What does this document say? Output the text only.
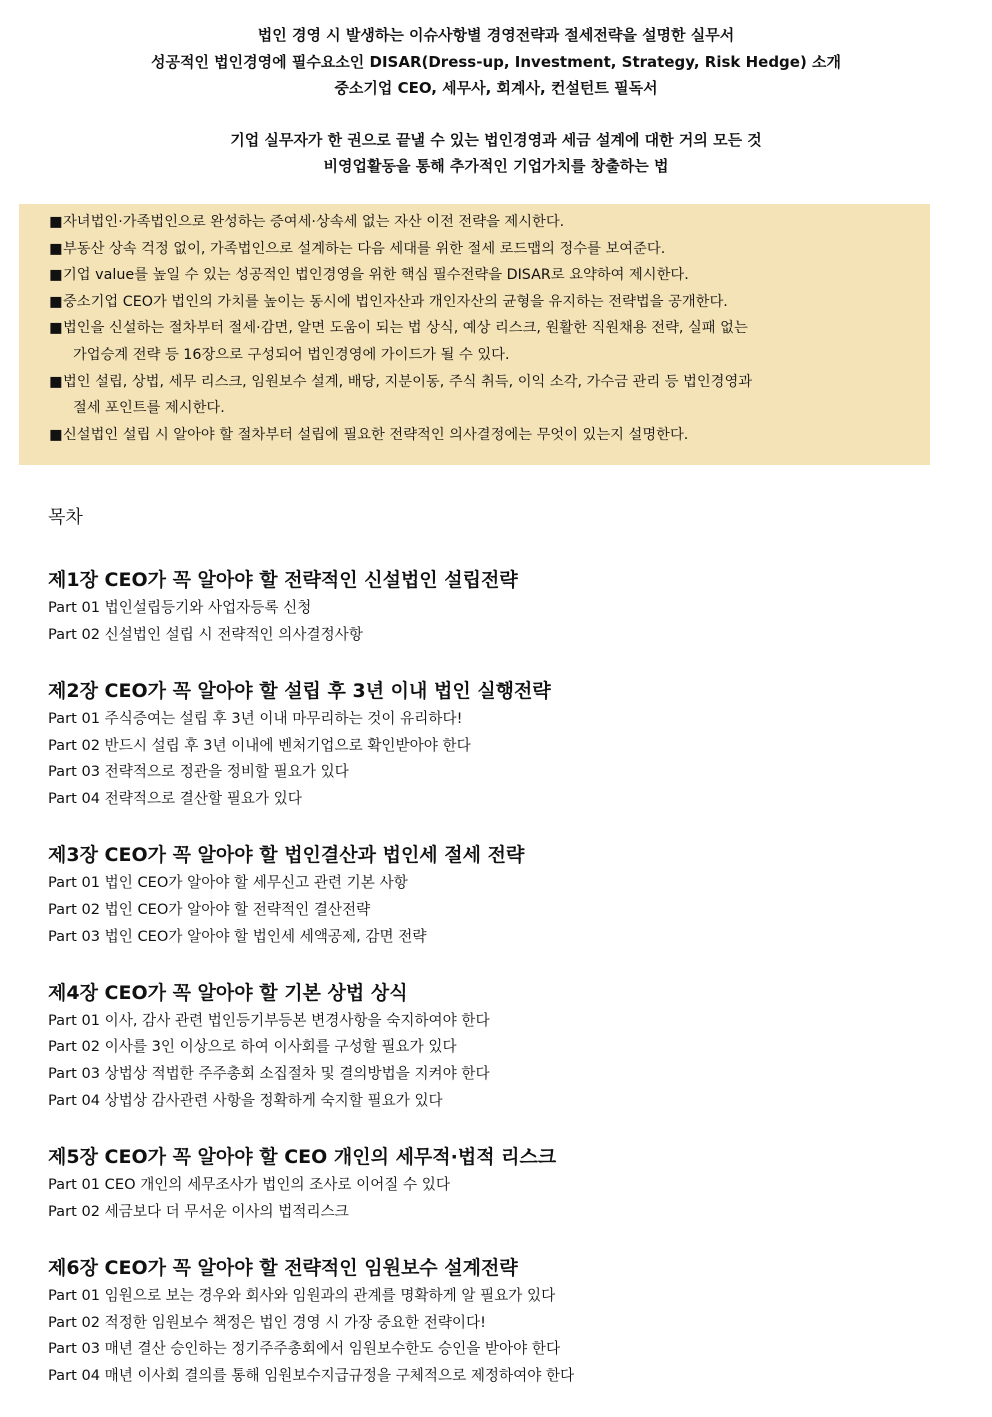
법인 경영 시 발생하는 이슈사항별 경영전략과 절세전략을 설명한 실무서
성공적인 법인경영에 필수요소인 DISAR(Dress-up, Investment, Strategy, Risk Hedge) 소개
중소기업 CEO, 세무사, 회계사, 컨설턴트 필독서
기업 실무자가 한 권으로 끝낼 수 있는 법인경영과 세금 설계에 대한 거의 모든 것
비영업활동을 통해 추가적인 기업가치를 창출하는 법
■ 자녀법인·가족법인으로 완성하는 증여세·상속세 없는 자산 이전 전략을 제시한다.
■ 부동산 상속 걱정 없이, 가족법인으로 설계하는 다음 세대를 위한 절세 로드맵의 정수를 보여준다.
■ 기업 value를 높일 수 있는 성공적인 법인경영을 위한 핵심 필수전략을 DISAR로 요약하여 제시한다.
■ 중소기업 CEO가 법인의 가치를 높이는 동시에 법인자산과 개인자산의 균형을 유지하는 전략법을 공개한다.
■ 법인을 신설하는 절차부터 절세·감면, 알면 도움이 되는 법 상식, 예상 리스크, 원활한 직원채용 전략, 실패 없는
가업승계 전략 등 16장으로 구성되어 법인경영에 가이드가 될 수 있다.
■ 법인 설립, 상법, 세무 리스크, 임원보수 설계, 배당, 지분이동, 주식 취득, 이익 소각, 가수금 관리 등 법인경영과
절세 포인트를 제시한다.
■ 신설법인 설립 시 알아야 할 절차부터 설립에 필요한 전략적인 의사결정에는 무엇이 있는지 설명한다.
목차
제1장 CEO가 꼭 알아야 할 전략적인 신설법인 설립전략
Part 01 법인설립등기와 사업자등록 신청
Part 02 신설법인 설립 시 전략적인 의사결정사항
제2장 CEO가 꼭 알아야 할 설립 후 3년 이내 법인 실행전략
Part 01 주식증여는 설립 후 3년 이내 마무리하는 것이 유리하다!
Part 02 반드시 설립 후 3년 이내에 벤처기업으로 확인받아야 한다
Part 03 전략적으로 정관을 정비할 필요가 있다
Part 04 전략적으로 결산할 필요가 있다
제3장 CEO가 꼭 알아야 할 법인결산과 법인세 절세 전략
Part 01 법인 CEO가 알아야 할 세무신고 관련 기본 사항
Part 02 법인 CEO가 알아야 할 전략적인 결산전략
Part 03 법인 CEO가 알아야 할 법인세 세액공제, 감면 전략
제4장 CEO가 꼭 알아야 할 기본 상법 상식
Part 01 이사, 감사 관련 법인등기부등본 변경사항을 숙지하여야 한다
Part 02 이사를 3인 이상으로 하여 이사회를 구성할 필요가 있다
Part 03 상법상 적법한 주주총회 소집절차 및 결의방법을 지켜야 한다
Part 04 상법상 감사관련 사항을 정확하게 숙지할 필요가 있다
제5장 CEO가 꼭 알아야 할 CEO 개인의 세무적·법적 리스크
Part 01 CEO 개인의 세무조사가 법인의 조사로 이어질 수 있다
Part 02 세금보다 더 무서운 이사의 법적리스크
제6장 CEO가 꼭 알아야 할 전략적인 임원보수 설계전략
Part 01 임원으로 보는 경우와 회사와 임원과의 관계를 명확하게 알 필요가 있다
Part 02 적정한 임원보수 책정은 법인 경영 시 가장 중요한 전략이다!
Part 03 매년 결산 승인하는 정기주주총회에서 임원보수한도 승인을 받아야 한다
Part 04 매년 이사회 결의를 통해 임원보수지급규정을 구체적으로 제정하여야 한다
